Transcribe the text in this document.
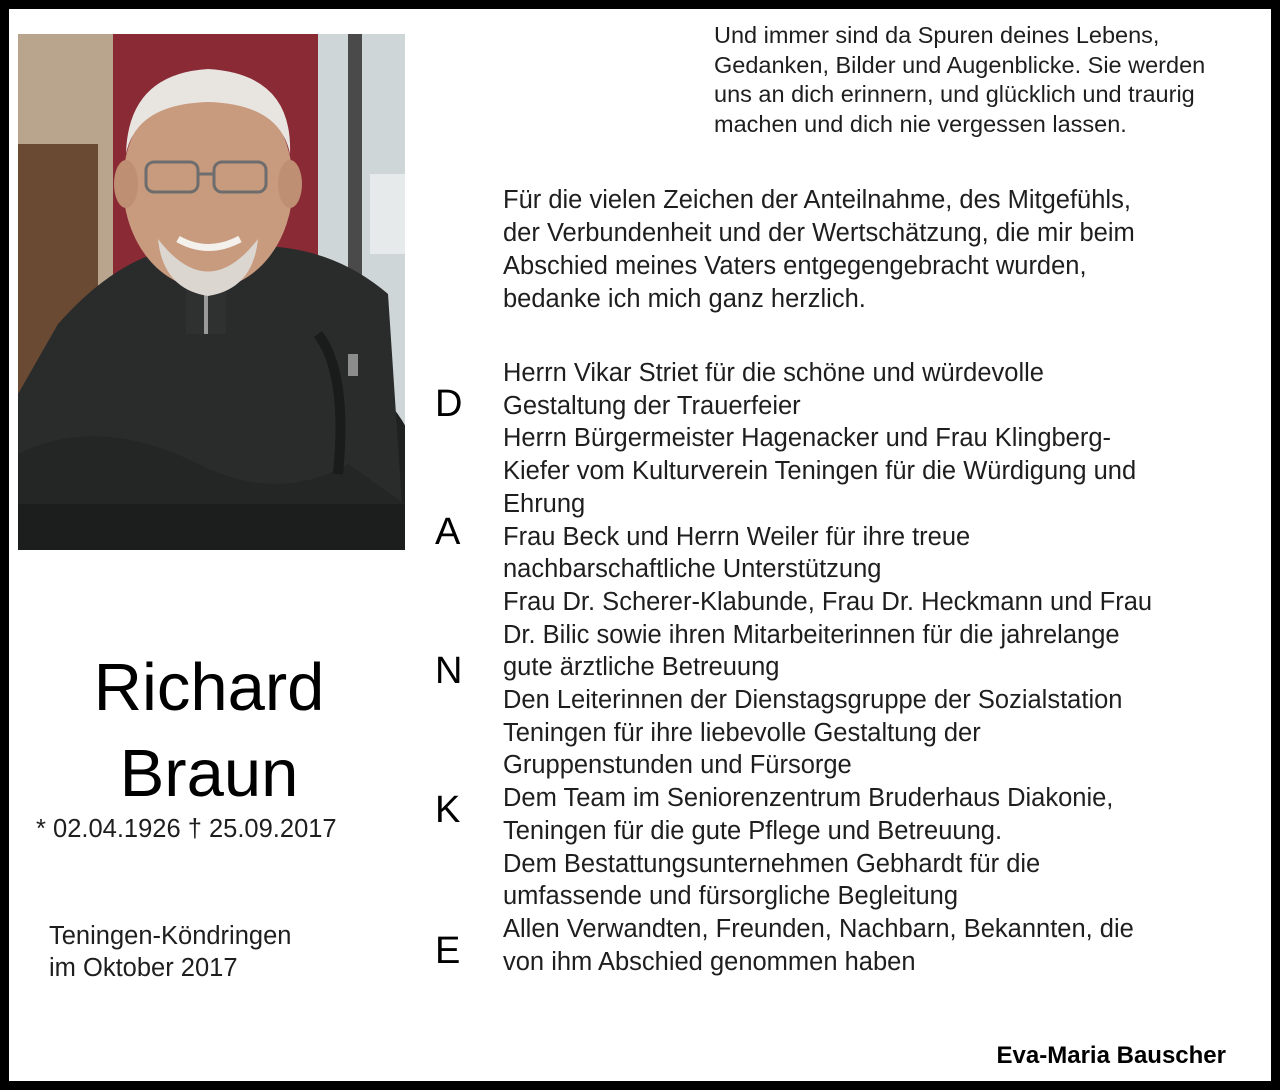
Und immer sind da Spuren deines Lebens,
Gedanken, Bilder und Augenblicke. Sie werden
uns an dich erinnern, und glücklich und traurig
machen und dich nie vergessen lassen.
Für die vielen Zeichen der Anteilnahme, des Mitgefühls,
der Verbundenheit und der Wertschätzung, die mir beim
Abschied meines Vaters entgegengebracht wurden,
bedanke ich mich ganz herzlich.
D
A
N
K
E
Herrn Vikar Striet für die schöne und würdevolle
Gestaltung der Trauerfeier
Herrn Bürgermeister Hagenacker und Frau Klingberg-
Kiefer vom Kulturverein Teningen für die Würdigung und
Ehrung
Frau Beck und Herrn Weiler für ihre treue
nachbarschaftliche Unterstützung
Frau Dr. Scherer-Klabunde, Frau Dr. Heckmann und Frau
Dr. Bilic sowie ihren Mitarbeiterinnen für die jahrelange
gute ärztliche Betreuung
Den Leiterinnen der Dienstagsgruppe der Sozialstation
Teningen für ihre liebevolle Gestaltung der
Gruppenstunden und Fürsorge
Dem Team im Seniorenzentrum Bruderhaus Diakonie,
Teningen für die gute Pflege und Betreuung.
Dem Bestattungsunternehmen Gebhardt für die
umfassende und fürsorgliche Begleitung
Allen Verwandten, Freunden, Nachbarn, Bekannten, die
von ihm Abschied genommen haben
Richard
Braun
* 02.04.1926 † 25.09.2017
Teningen-Köndringen
im Oktober 2017
Eva-Maria Bauscher
